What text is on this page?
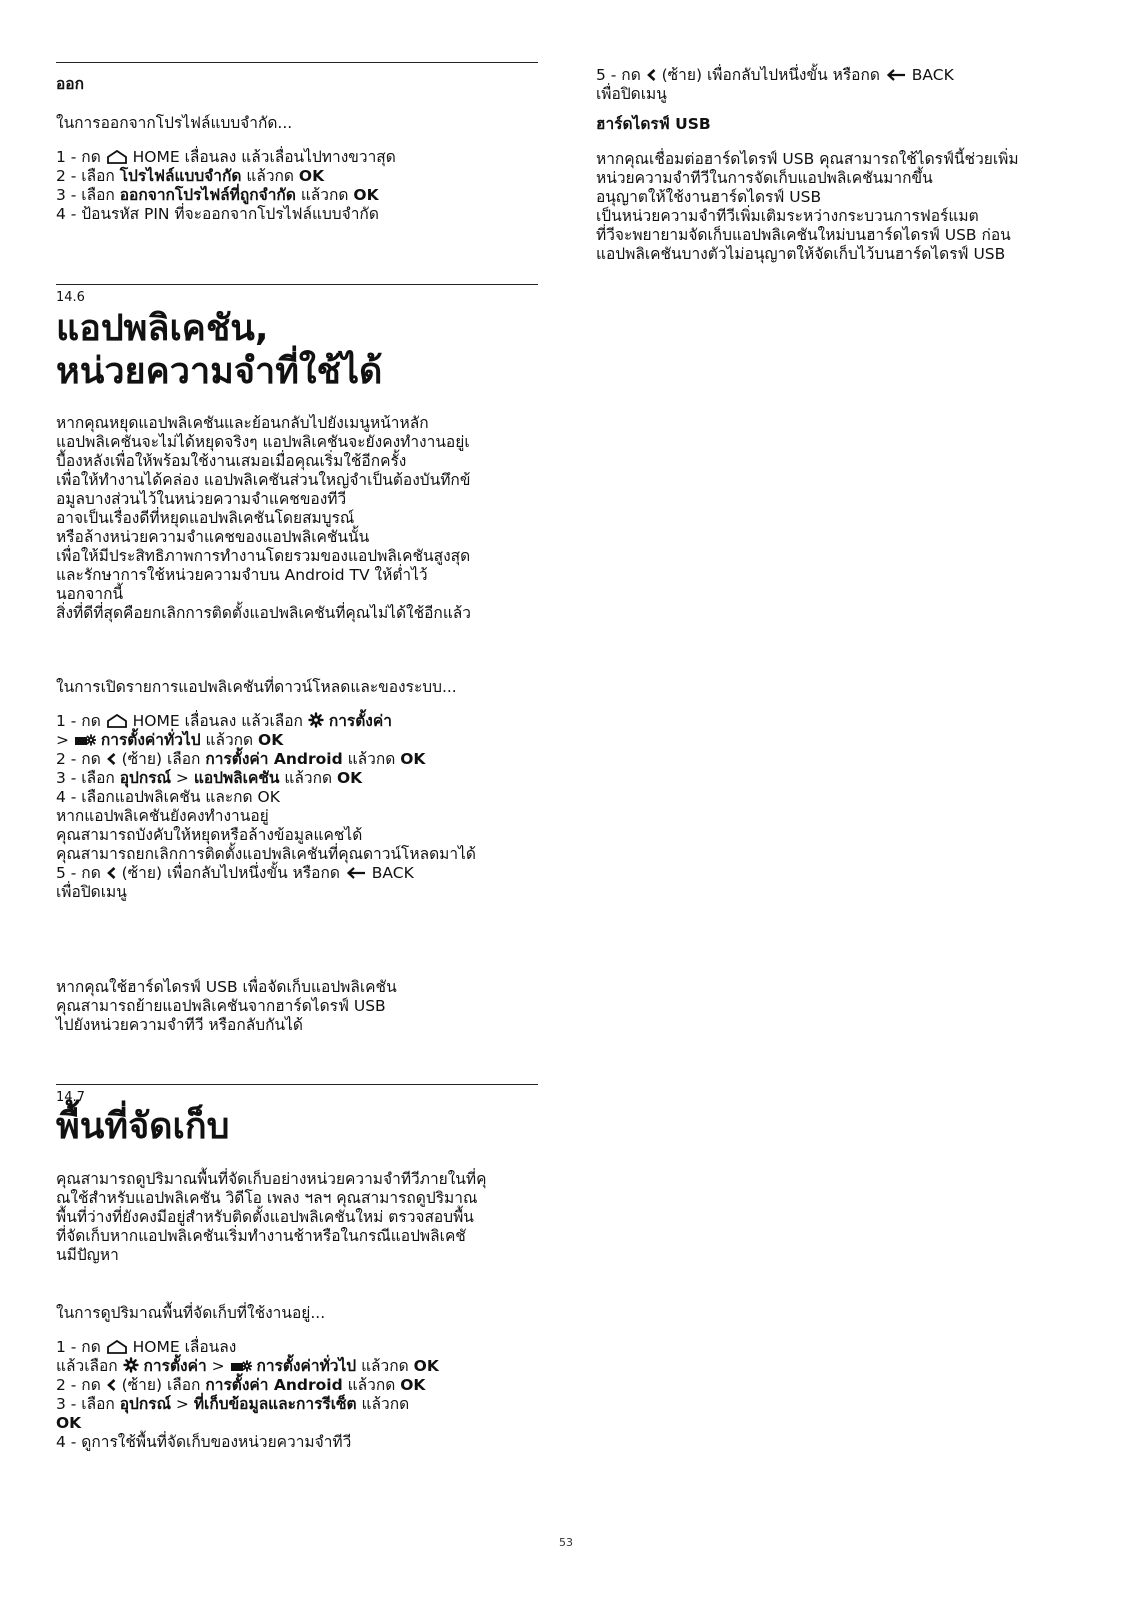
ออก
ในการออกจากโปรไฟล์แบบจำกัด...
1 - กด  HOME เลื่อนลง แล้วเลื่อนไปทางขวาสุด
2 - เลือก โปรไฟล์แบบจำกัด แล้วกด OK
3 - เลือก ออกจากโปรไฟล์ที่ถูกจำกัด แล้วกด OK
4 - ป้อนรหัส PIN ที่จะออกจากโปรไฟล์แบบจำกัด
14.6
แอปพลิเคชัน,
หน่วยความจำที่ใช้ได้
หากคุณหยุดแอปพลิเคชันและย้อนกลับไปยังเมนูหน้าหลัก
แอปพลิเคชันจะไม่ได้หยุดจริงๆ แอปพลิเคชันจะยังคงทำงานอยู่เ
บื้องหลังเพื่อให้พร้อมใช้งานเสมอเมื่อคุณเริ่มใช้อีกครั้ง
เพื่อให้ทำงานได้คล่อง แอปพลิเคชันส่วนใหญ่จำเป็นต้องบันทึกข้
อมูลบางส่วนไว้ในหน่วยความจำแคชของทีวี
อาจเป็นเรื่องดีที่หยุดแอปพลิเคชันโดยสมบูรณ์
หรือล้างหน่วยความจำแคชของแอปพลิเคชันนั้น
เพื่อให้มีประสิทธิภาพการทำงานโดยรวมของแอปพลิเคชันสูงสุด
และรักษาการใช้หน่วยความจำบน Android TV ให้ต่ำไว้
นอกจากนี้
สิ่งที่ดีที่สุดคือยกเลิกการติดตั้งแอปพลิเคชันที่คุณไม่ได้ใช้อีกแล้ว
ในการเปิดรายการแอปพลิเคชันที่ดาวน์โหลดและของระบบ...
1 - กด  HOME เลื่อนลง แล้วเลือก  การตั้งค่า
>  การตั้งค่าทั่วไป แล้วกด OK
2 - กด  (ซ้าย) เลือก การตั้งค่า Android แล้วกด OK
3 - เลือก อุปกรณ์ > แอปพลิเคชัน แล้วกด OK
4 - เลือกแอปพลิเคชัน และกด OK
หากแอปพลิเคชันยังคงทำงานอยู่
คุณสามารถบังคับให้หยุดหรือล้างข้อมูลแคชได้
คุณสามารถยกเลิกการติดตั้งแอปพลิเคชันที่คุณดาวน์โหลดมาได้
5 - กด  (ซ้าย) เพื่อกลับไปหนึ่งขั้น หรือกด  BACK
เพื่อปิดเมนู
หากคุณใช้ฮาร์ดไดรฟ์ USB เพื่อจัดเก็บแอปพลิเคชัน
คุณสามารถย้ายแอปพลิเคชันจากฮาร์ดไดรฟ์ USB
ไปยังหน่วยความจำทีวี หรือกลับกันได้
14.7
พื้นที่จัดเก็บ
คุณสามารถดูปริมาณพื้นที่จัดเก็บอย่างหน่วยความจำทีวีภายในที่คุ
ณใช้สำหรับแอปพลิเคชัน วิดีโอ เพลง ฯลฯ คุณสามารถดูปริมาณ
พื้นที่ว่างที่ยังคงมีอยู่สำหรับติดตั้งแอปพลิเคชันใหม่ ตรวจสอบพื้น
ที่จัดเก็บหากแอปพลิเคชันเริ่มทำงานช้าหรือในกรณีแอปพลิเคชั
นมีปัญหา
ในการดูปริมาณพื้นที่จัดเก็บที่ใช้งานอยู่...
1 - กด  HOME เลื่อนลง
แล้วเลือก  การตั้งค่า >  การตั้งค่าทั่วไป แล้วกด OK
2 - กด  (ซ้าย) เลือก การตั้งค่า Android แล้วกด OK
3 - เลือก อุปกรณ์ > ที่เก็บข้อมูลและการรีเซ็ต แล้วกด
OK
4 - ดูการใช้พื้นที่จัดเก็บของหน่วยความจำทีวี
5 - กด  (ซ้าย) เพื่อกลับไปหนึ่งขั้น หรือกด  BACK
เพื่อปิดเมนู
ฮาร์ดไดรฟ์ USB
หากคุณเชื่อมต่อฮาร์ดไดรฟ์ USB คุณสามารถใช้ไดรฟ์นี้ช่วยเพิ่ม
หน่วยความจำทีวีในการจัดเก็บแอปพลิเคชันมากขึ้น
อนุญาตให้ใช้งานฮาร์ดไดรฟ์ USB
เป็นหน่วยความจำทีวีเพิ่มเติมระหว่างกระบวนการฟอร์แมต
ที่วีจะพยายามจัดเก็บแอปพลิเคชันใหม่บนฮาร์ดไดรฟ์ USB ก่อน
แอปพลิเคชันบางตัวไม่อนุญาตให้จัดเก็บไว้บนฮาร์ดไดรฟ์ USB
53
